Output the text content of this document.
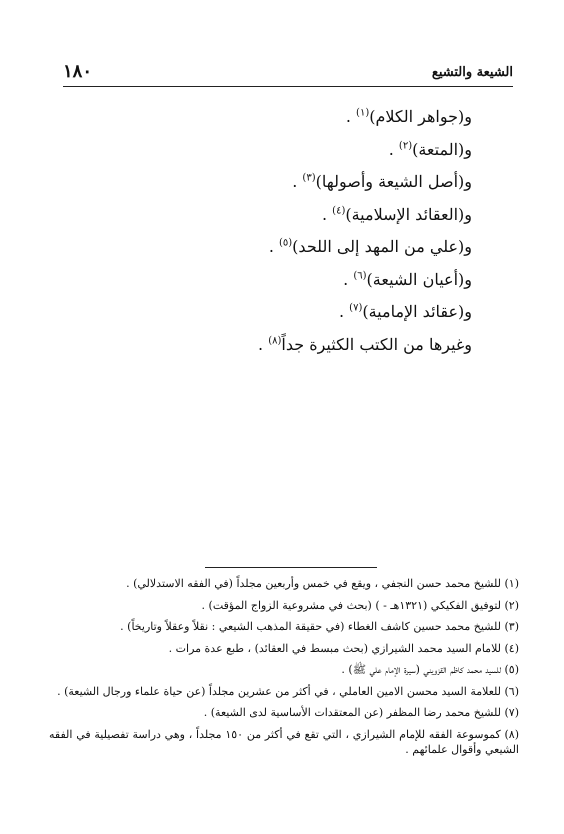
الشيعة والتشيع
١٨٠
و(جواهر الكلام)$^{(١)}$ .
و(المتعة)$^{(٢)}$ .
و(أصل الشيعة وأصولها)$^{(٣)}$ .
و(العقائد الإسلامية)$^{(٤)}$ .
و(علي من المهد إلى اللحد)$^{(٥)}$ .
و(أعيان الشيعة)$^{(٦)}$ .
و(عقائد الإمامية)$^{(٧)}$ .
وغيرها من الكتب الكثيرة جداً$^{(٨)}$ .
(١) للشيخ محمد حسن النجفي ، ويقع في خمس وأربعين مجلداً (في الفقه الاستدلالي) .
(٢) لتوفيق الفكيكي (١٣٢١هـ - ) (بحث في مشروعية الزواج المؤقت) .
(٣) للشيخ محمد حسين كاشف الغطاء (في حقيقة المذهب الشيعي : نقلاً وعقلاً وتاريخاً) .
(٤) للامام السيد محمد الشيرازي (بحث مبسط في العقائد) ، طبع عدة مرات .
(٥) للسيد محمد كاظم القزويني (سيرة الإمام علي ﷺ) .
(٦) للعلامة السيد محسن الامين العاملي ، في أكثر من عشرين مجلداً (عن حياة علماء ورجال الشيعة) .
(٧) للشيخ محمد رضا المظفر (عن المعتقدات الأساسية لدى الشيعة) .
(٨) كموسوعة الفقه للإمام الشيرازي ، التي تقع في أكثر من ١٥٠ مجلداً ، وهي دراسة تفصيلية في الفقه الشيعي وأقوال علمائهم .
